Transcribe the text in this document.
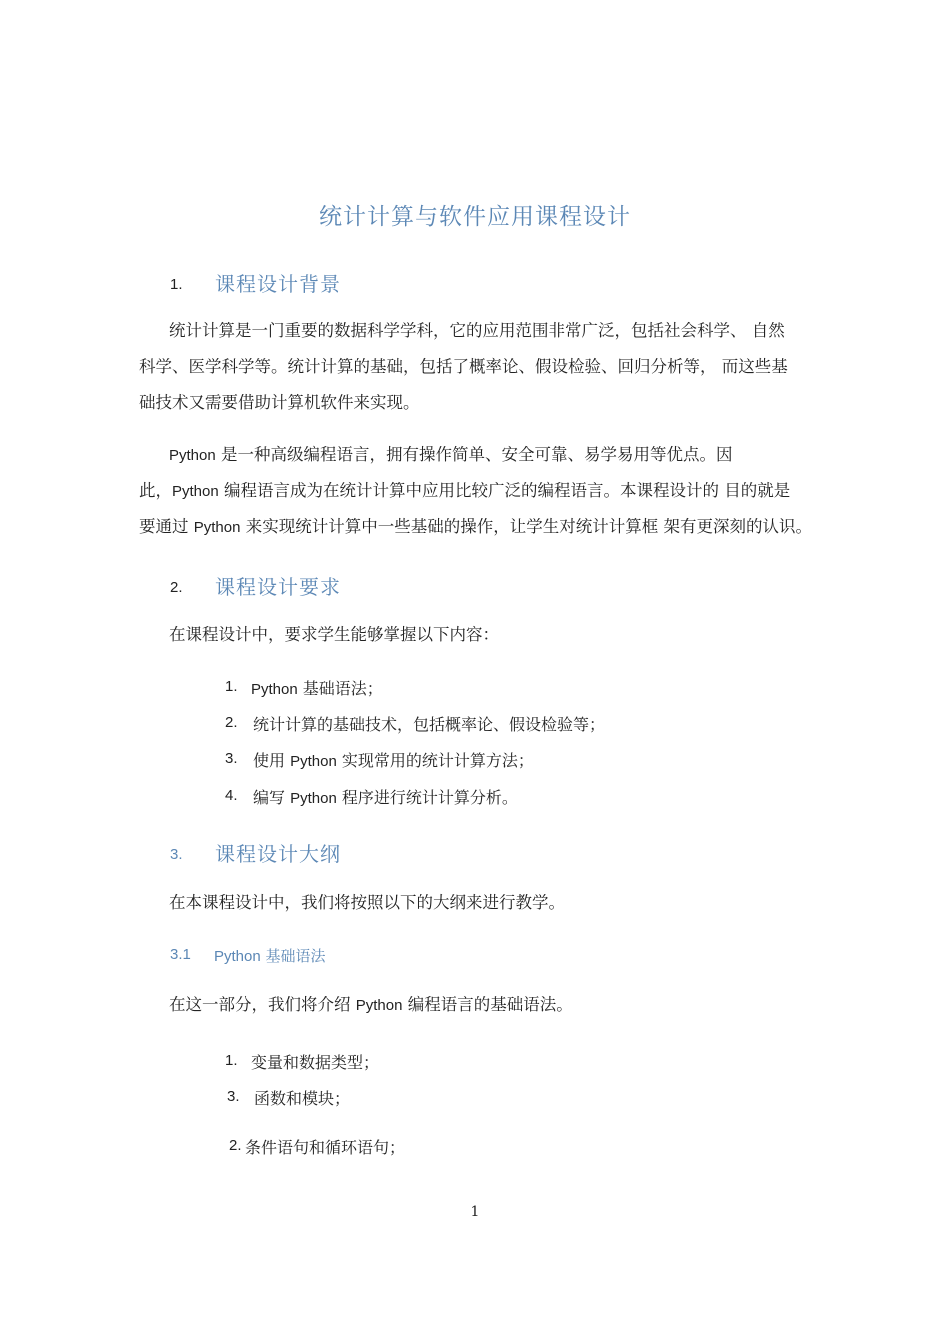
统计计算与软件应用课程设计
1. 课程设计背景
统计计算是一门重要的数据科学学科，它的应用范围非常广泛，包括社会科学、 自然
科学、医学科学等。统计计算的基础，包括了概率论、假设检验、回归分析等， 而这些基
础技术又需要借助计算机软件来实现。
Python 是一种高级编程语言，拥有操作简单、安全可靠、易学易用等优点。因
此，Python 编程语言成为在统计计算中应用比较广泛的编程语言。本课程设计的 目的就是
要通过 Python 来实现统计计算中一些基础的操作，让学生对统计计算框 架有更深刻的认识。
2. 课程设计要求
在课程设计中，要求学生能够掌握以下内容：
1. Python 基础语法；
2. 统计计算的基础技术，包括概率论、假设检验等；
3. 使用 Python 实现常用的统计计算方法；
4. 编写 Python 程序进行统计计算分析。
3. 课程设计大纲
在本课程设计中，我们将按照以下的大纲来进行教学。
3.1 Python 基础语法
在这一部分，我们将介绍 Python 编程语言的基础语法。
1. 变量和数据类型；
3. 函数和模块；
2. 条件语句和循环语句；
1
